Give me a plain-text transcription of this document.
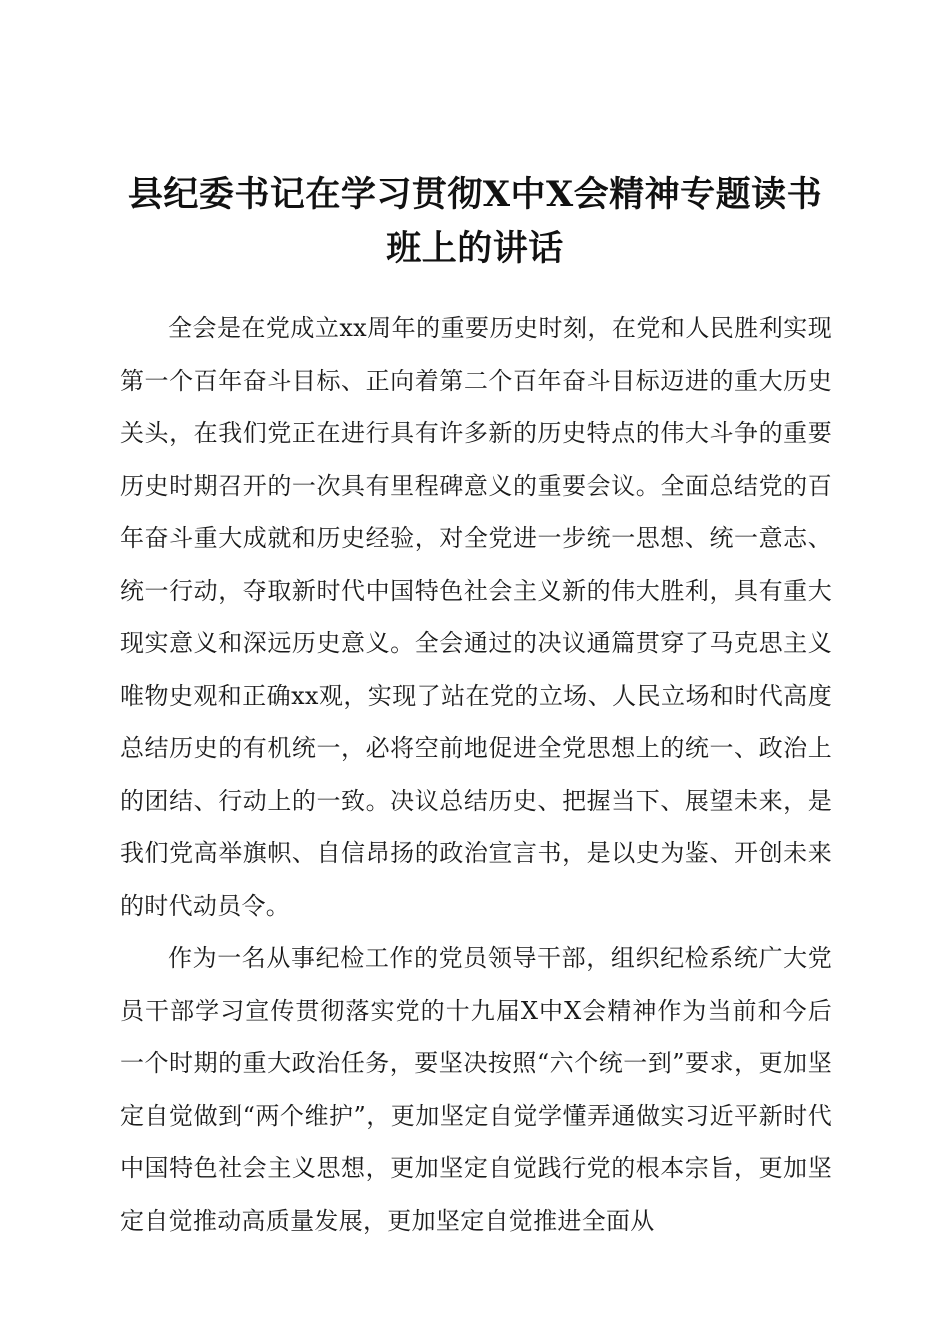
县纪委书记在学习贯彻X中X会精神专题读书
班上的讲话

全会是在党成立xx周年的重要历史时刻，在党和人民胜利实现第一个百年奋斗目标、正向着第二个百年奋斗目标迈进的重大历史关头，在我们党正在进行具有许多新的历史特点的伟大斗争的重要历史时期召开的一次具有里程碑意义的重要会议。全面总结党的百年奋斗重大成就和历史经验，对全党进一步统一思想、统一意志、统一行动，夺取新时代中国特色社会主义新的伟大胜利，具有重大现实意义和深远历史意义。全会通过的决议通篇贯穿了马克思主义唯物史观和正确xx观，实现了站在党的立场、人民立场和时代高度总结历史的有机统一，必将空前地促进全党思想上的统一、政治上的团结、行动上的一致。决议总结历史、把握当下、展望未来，是我们党高举旗帜、自信昂扬的政治宣言书，是以史为鉴、开创未来的时代动员令。

作为一名从事纪检工作的党员领导干部，组织纪检系统广大党员干部学习宣传贯彻落实党的十九届X中X会精神作为当前和今后一个时期的重大政治任务，要坚决按照“六个统一到”要求，更加坚定自觉做到“两个维护”，更加坚定自觉学懂弄通做实习近平新时代中国特色社会主义思想，更加坚定自觉践行党的根本宗旨，更加坚定自觉推动高质量发展，更加坚定自觉推进全面从
